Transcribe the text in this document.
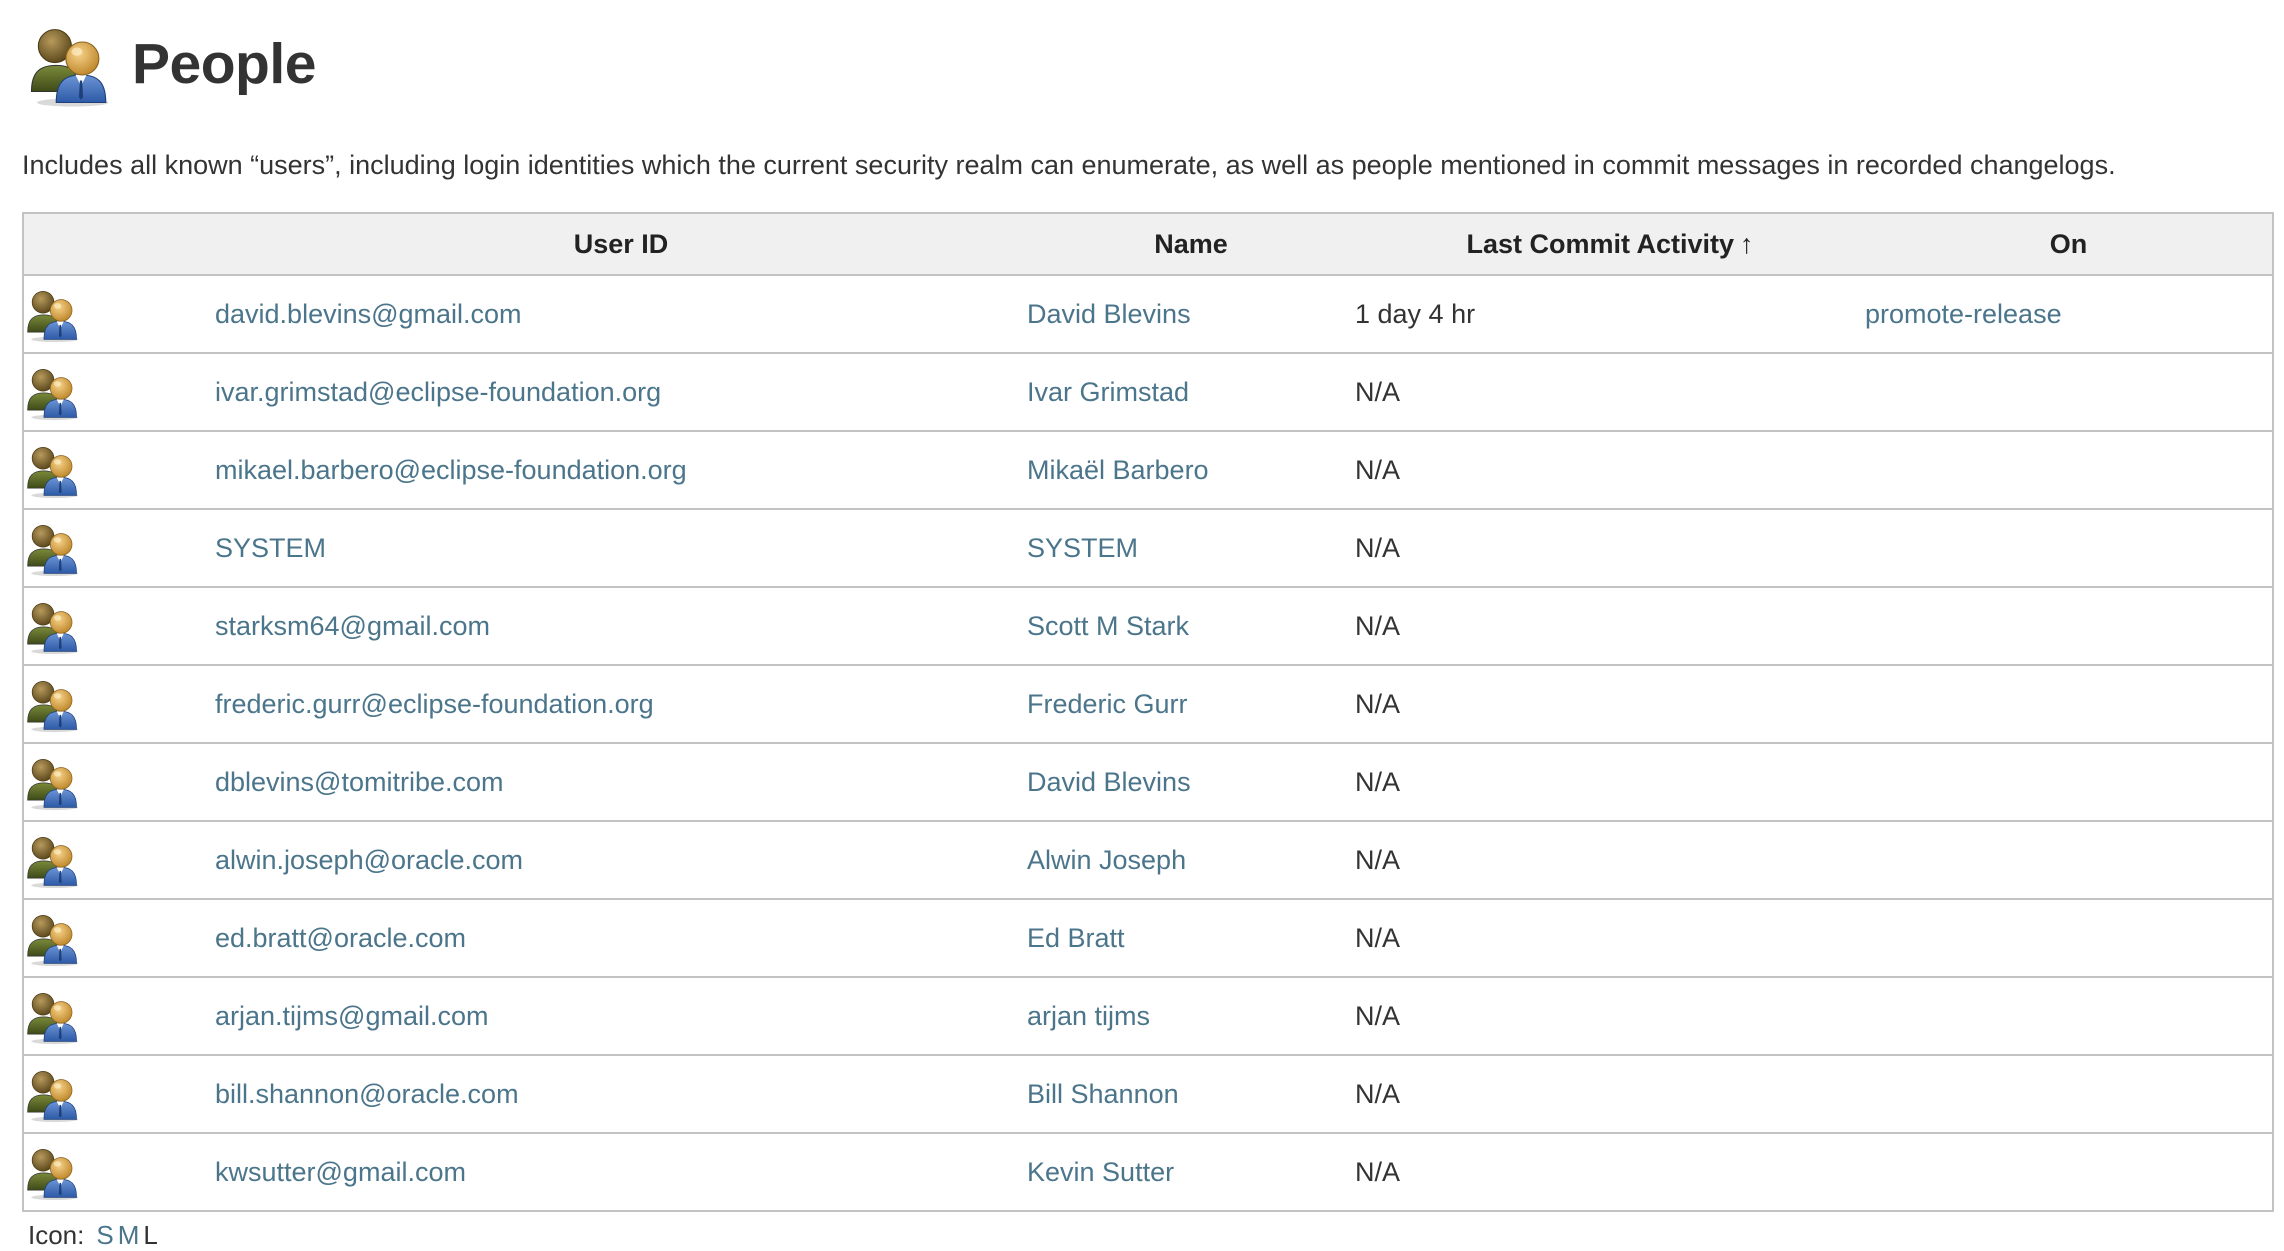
People
Includes all known “users”, including login identities which the current security realm can enumerate, as well as people mentioned in commit messages in recorded changelogs.
	User ID	Name	Last Commit Activity ↑	On

	david.blevins@gmail.com	David Blevins	1 day 4 hr	promote-release

	ivar.grimstad@eclipse-foundation.org	Ivar Grimstad	N/A	

	mikael.barbero@eclipse-foundation.org	Mikaël Barbero	N/A	

	SYSTEM	SYSTEM	N/A	

	starksm64@gmail.com	Scott M Stark	N/A	

	frederic.gurr@eclipse-foundation.org	Frederic Gurr	N/A	

	dblevins@tomitribe.com	David Blevins	N/A	

	alwin.joseph@oracle.com	Alwin Joseph	N/A	

	ed.bratt@oracle.com	Ed Bratt	N/A	

	arjan.tijms@gmail.com	arjan tijms	N/A	

	bill.shannon@oracle.com	Bill Shannon	N/A	

	kwsutter@gmail.com	Kevin Sutter	N/A	
Icon: S M L
